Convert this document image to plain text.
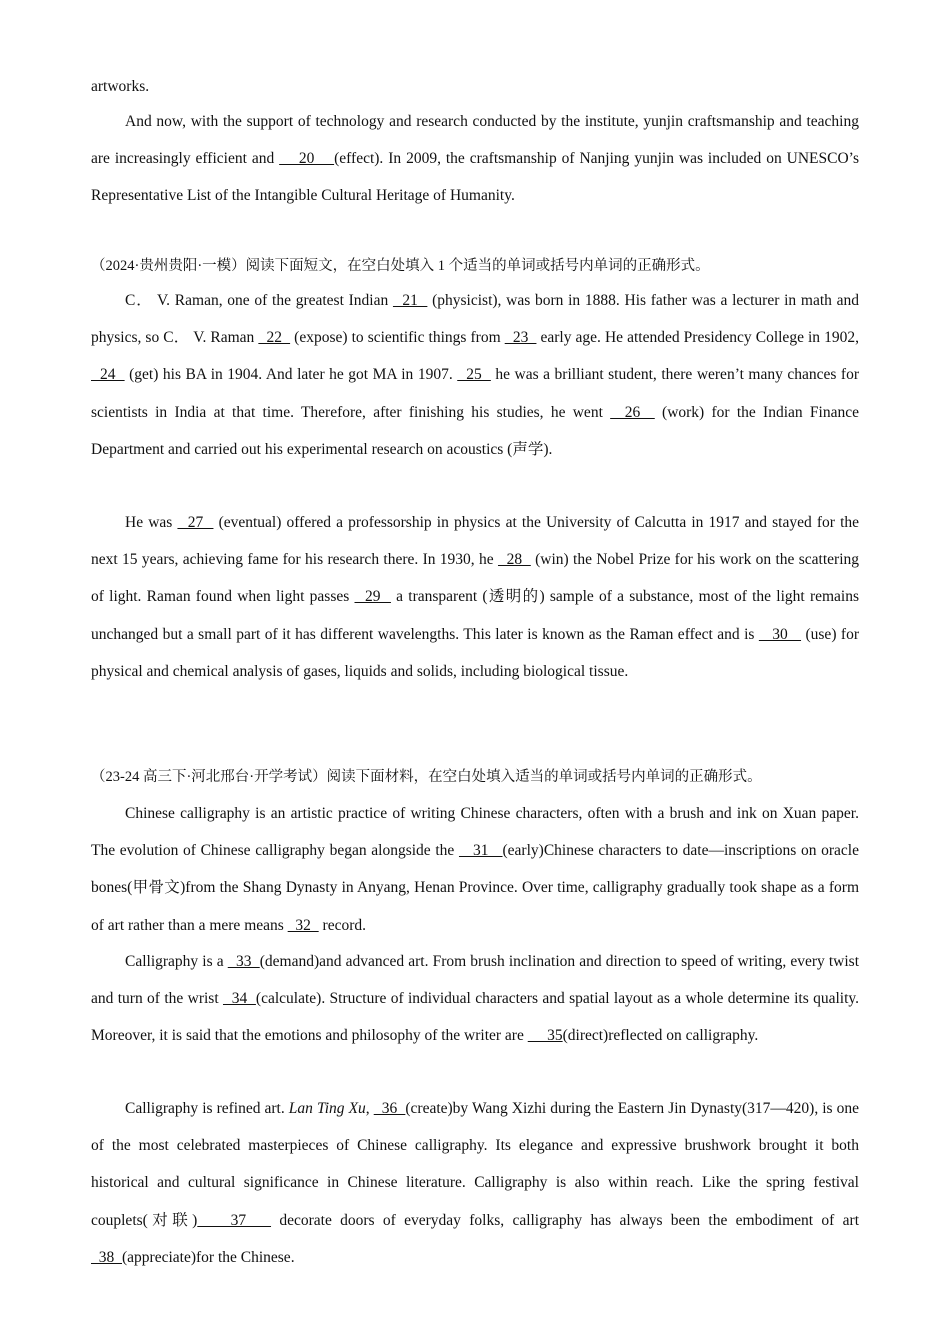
artworks.

And now, with the support of technology and research conducted by the institute, yunjin craftsmanship and teaching are increasingly efficient and     20    (effect). In 2009, the craftsmanship of Nanjing yunjin was included on UNESCO’s Representative List of the Intangible Cultural Heritage of Humanity.

（2024·贵州贵阳·一模）阅读下面短文，在空白处填入 1 个适当的单词或括号内单词的正确形式。

C． V. Raman, one of the greatest Indian   21   (physicist), was born in 1888. His father was a lecturer in math and physics, so C． V. Raman   22   (expose) to scientific things from   23   early age. He attended Presidency College in 1902,   24   (get) his BA in 1904. And later he got MA in 1907.   25   he was a brilliant student, there weren’t many chances for scientists in India at that time. Therefore, after finishing his studies, he went   26   (work) for the Indian Finance Department and carried out his experimental research on acoustics (声学).

He was   27   (eventual) offered a professorship in physics at the University of Calcutta in 1917 and stayed for the next 15 years, achieving fame for his research there. In 1930, he   28   (win) the Nobel Prize for his work on the scattering of light. Raman found when light passes   29   a transparent (透明的) sample of a substance, most of the light remains unchanged but a small part of it has different wavelengths. This later is known as the Raman effect and is    30    (use) for physical and chemical analysis of gases, liquids and solids, including biological tissue.

（23-24 高三下·河北邢台·开学考试）阅读下面材料，在空白处填入适当的单词或括号内单词的正确形式。

Chinese calligraphy is an artistic practice of writing Chinese characters, often with a brush and ink on Xuan paper. The evolution of Chinese calligraphy began alongside the    31   (early)Chinese characters to date—inscriptions on oracle bones(甲骨文)from the Shang Dynasty in Anyang, Henan Province. Over time, calligraphy gradually took shape as a form of art rather than a mere means   32   record.

Calligraphy is a   33  (demand)and advanced art. From brush inclination and direction to speed of writing, every twist and turn of the wrist   34  (calculate). Structure of individual characters and spatial layout as a whole determine its quality. Moreover, it is said that the emotions and philosophy of the writer are      35(direct)reflected on calligraphy.

Calligraphy is refined art. Lan Ting Xu,   36  (create)by Wang Xizhi during the Eastern Jin Dynasty(317—420), is one of the most celebrated masterpieces of Chinese calligraphy. Its elegance and expressive brushwork brought it both historical and cultural significance in Chinese literature. Calligraphy is also within reach. Like the spring festival couplets(对联)    37    decorate doors of everyday folks, calligraphy has always been the embodiment of art   38  (appreciate)for the Chinese.
